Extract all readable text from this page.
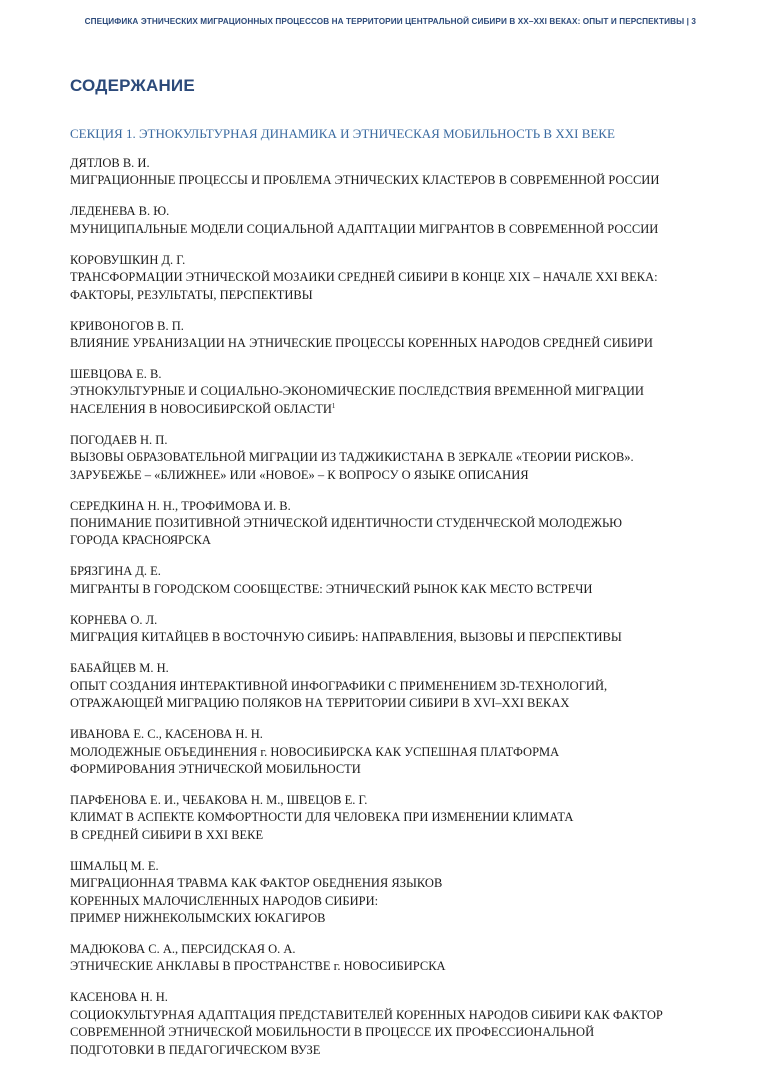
СПЕЦИФИКА ЭТНИЧЕСКИХ МИГРАЦИОННЫХ ПРОЦЕССОВ НА ТЕРРИТОРИИ ЦЕНТРАЛЬНОЙ СИБИРИ В XX–XXI ВЕКАХ: ОПЫТ И ПЕРСПЕКТИВЫ | 3
СОДЕРЖАНИЕ
СЕКЦИЯ 1. ЭТНОКУЛЬТУРНАЯ ДИНАМИКА И ЭТНИЧЕСКАЯ МОБИЛЬНОСТЬ В XXI ВЕКЕ
ДЯТЛОВ В. И.
МИГРАЦИОННЫЕ ПРОЦЕССЫ И ПРОБЛЕМА ЭТНИЧЕСКИХ КЛАСТЕРОВ В СОВРЕМЕННОЙ РОССИИ
ЛЕДЕНЕВА В. Ю.
МУНИЦИПАЛЬНЫЕ МОДЕЛИ СОЦИАЛЬНОЙ АДАПТАЦИИ МИГРАНТОВ В СОВРЕМЕННОЙ РОССИИ
КОРОВУШКИН Д. Г.
ТРАНСФОРМАЦИИ ЭТНИЧЕСКОЙ МОЗАИКИ СРЕДНЕЙ СИБИРИ В КОНЦЕ XIX – НАЧАЛЕ XXI ВЕКА:
ФАКТОРЫ, РЕЗУЛЬТАТЫ, ПЕРСПЕКТИВЫ
КРИВОНОГОВ В. П.
ВЛИЯНИЕ УРБАНИЗАЦИИ НА ЭТНИЧЕСКИЕ ПРОЦЕССЫ КОРЕННЫХ НАРОДОВ СРЕДНЕЙ СИБИРИ
ШЕВЦОВА Е. В.
ЭТНОКУЛЬТУРНЫЕ И СОЦИАЛЬНО-ЭКОНОМИЧЕСКИЕ ПОСЛЕДСТВИЯ ВРЕМЕННОЙ МИГРАЦИИ
НАСЕЛЕНИЯ В НОВОСИБИРСКОЙ ОБЛАСТИ$^1$
ПОГОДАЕВ Н. П.
ВЫЗОВЫ ОБРАЗОВАТЕЛЬНОЙ МИГРАЦИИ ИЗ ТАДЖИКИСТАНА В ЗЕРКАЛЕ «ТЕОРИИ РИСКОВ».
ЗАРУБЕЖЬЕ – «БЛИЖНЕЕ» ИЛИ «НОВОЕ» – К ВОПРОСУ О ЯЗЫКЕ ОПИСАНИЯ
СЕРЕДКИНА Н. Н., ТРОФИМОВА И. В.
ПОНИМАНИЕ ПОЗИТИВНОЙ ЭТНИЧЕСКОЙ ИДЕНТИЧНОСТИ СТУДЕНЧЕСКОЙ МОЛОДЕЖЬЮ
ГОРОДА КРАСНОЯРСКА
БРЯЗГИНА Д. Е.
МИГРАНТЫ В ГОРОДСКОМ СООБЩЕСТВЕ: ЭТНИЧЕСКИЙ РЫНОК КАК МЕСТО ВСТРЕЧИ
КОРНЕВА О. Л.
МИГРАЦИЯ КИТАЙЦЕВ В ВОСТОЧНУЮ СИБИРЬ: НАПРАВЛЕНИЯ, ВЫЗОВЫ И ПЕРСПЕКТИВЫ
БАБАЙЦЕВ М. Н.
ОПЫТ СОЗДАНИЯ ИНТЕРАКТИВНОЙ ИНФОГРАФИКИ С ПРИМЕНЕНИЕМ 3D-ТЕХНОЛОГИЙ,
ОТРАЖАЮЩЕЙ МИГРАЦИЮ ПОЛЯКОВ НА ТЕРРИТОРИИ СИБИРИ В XVI–XXI ВЕКАХ
ИВАНОВА Е. С., КАСЕНОВА Н. Н.
МОЛОДЕЖНЫЕ ОБЪЕДИНЕНИЯ г. НОВОСИБИРСКА КАК УСПЕШНАЯ ПЛАТФОРМА
ФОРМИРОВАНИЯ ЭТНИЧЕСКОЙ МОБИЛЬНОСТИ
ПАРФЕНОВА Е. И., ЧЕБАКОВА Н. М., ШВЕЦОВ Е. Г.
КЛИМАТ В АСПЕКТЕ КОМФОРТНОСТИ ДЛЯ ЧЕЛОВЕКА ПРИ ИЗМЕНЕНИИ КЛИМАТА
В СРЕДНЕЙ СИБИРИ В XXI ВЕКЕ
ШМАЛЬЦ М. Е.
МИГРАЦИОННАЯ ТРАВМА КАК ФАКТОР ОБЕДНЕНИЯ ЯЗЫКОВ
КОРЕННЫХ МАЛОЧИСЛЕННЫХ НАРОДОВ СИБИРИ:
ПРИМЕР НИЖНЕКОЛЫМСКИХ ЮКАГИРОВ
МАДЮКОВА С. А., ПЕРСИДСКАЯ О. А.
ЭТНИЧЕСКИЕ АНКЛАВЫ В ПРОСТРАНСТВЕ г. НОВОСИБИРСКА
КАСЕНОВА Н. Н.
СОЦИОКУЛЬТУРНАЯ АДАПТАЦИЯ ПРЕДСТАВИТЕЛЕЙ КОРЕННЫХ НАРОДОВ СИБИРИ КАК ФАКТОР
СОВРЕМЕННОЙ ЭТНИЧЕСКОЙ МОБИЛЬНОСТИ В ПРОЦЕССЕ ИХ ПРОФЕССИОНАЛЬНОЙ
ПОДГОТОВКИ В ПЕДАГОГИЧЕСКОМ ВУЗЕ
